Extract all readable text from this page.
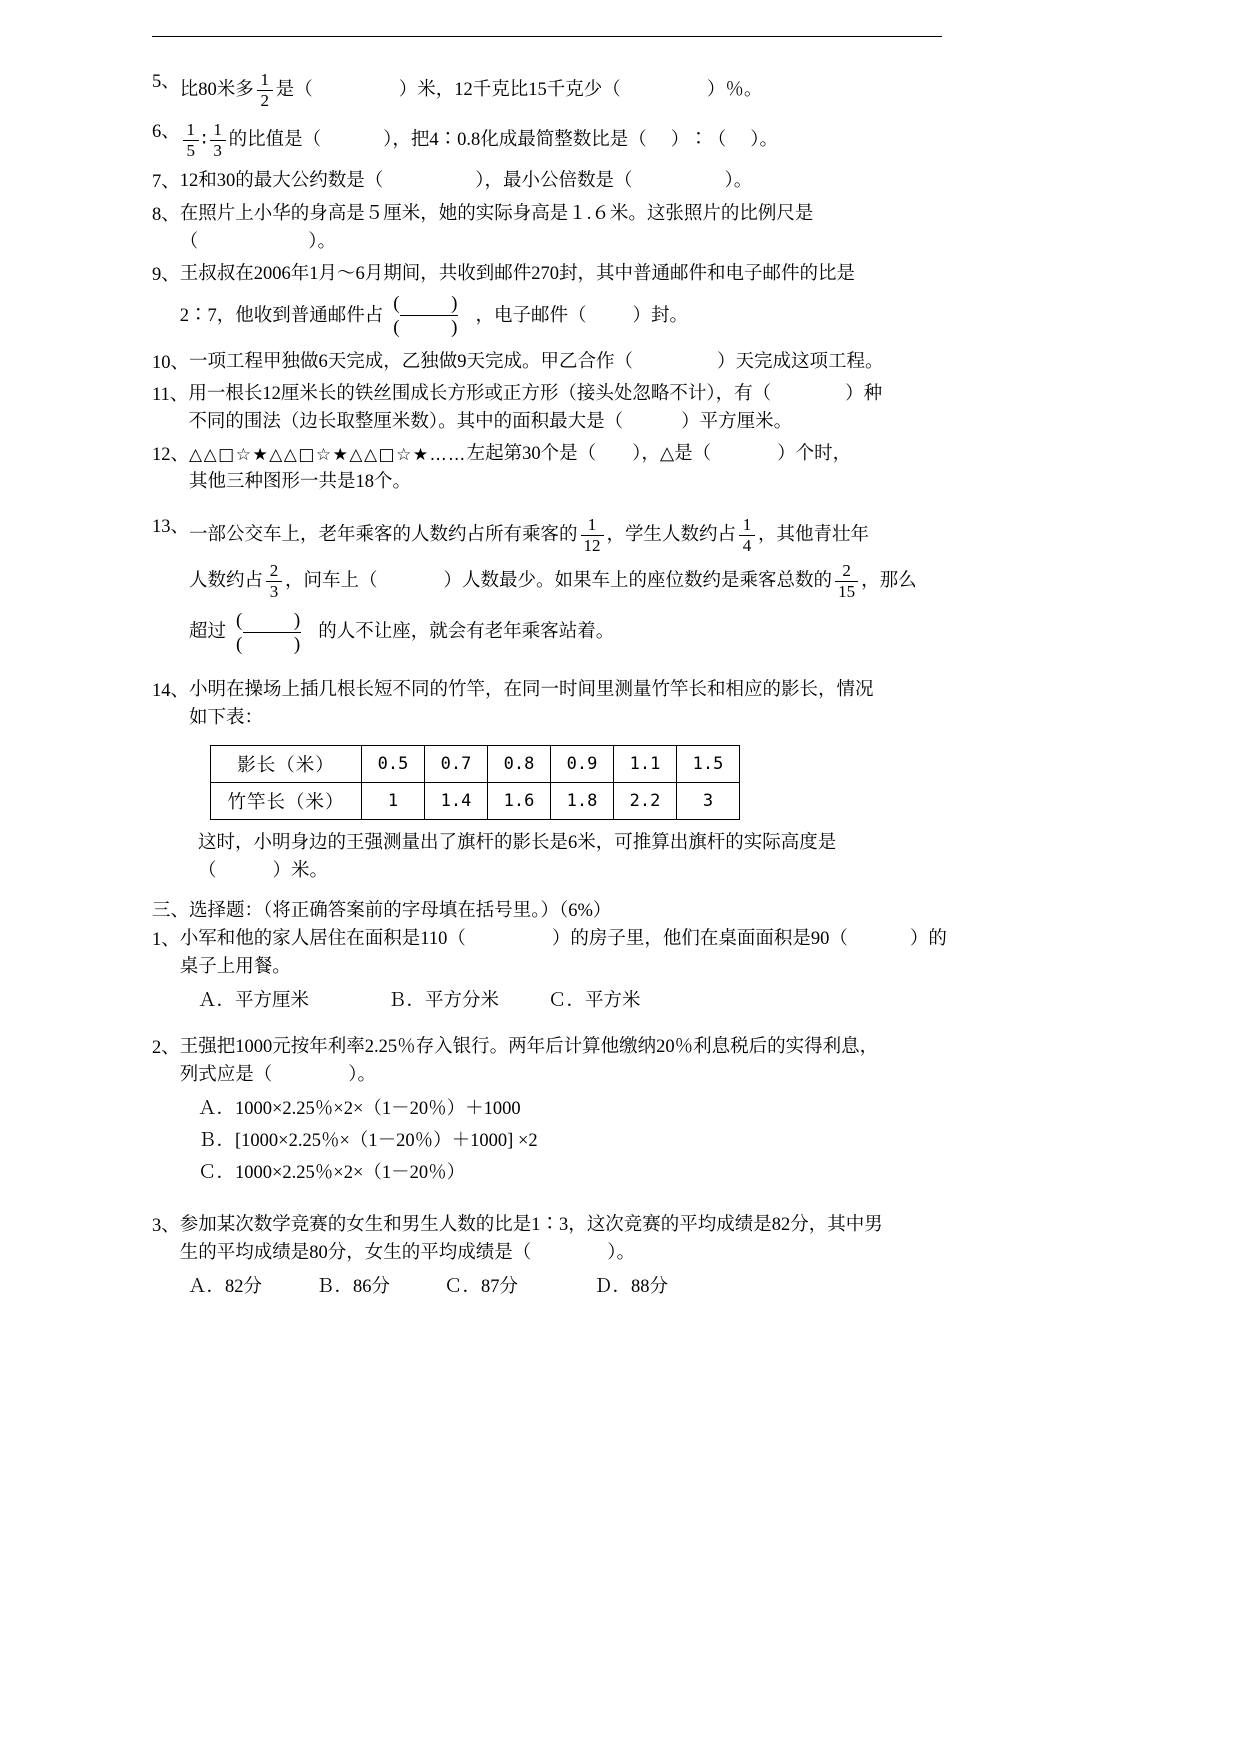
5、 比80米多 $\frac{1}{2}$ 是（	）米，12千克比15千克少（	）％。
6、 $\frac{1}{5}$ ∶ $\frac{1}{3}$ 的比值是（	），把4∶0.8化成最简整数比是（ ）∶（ ）。
7、 12和30的最大公约数是（	），最小公倍数是（	）。
8、 在照片上小华的身高是５厘米，她的实际身高是１.６米。这张照片的比例尺是
（	）。
9、 王叔叔在2006年1月～6月期间，共收到邮件270封，其中普通邮件和电子邮件的比是
2∶7，他收到普通邮件占
(  )
(  )
，电子邮件（ ）封。
10、 一项工程甲独做6天完成，乙独做9天完成。甲乙合作（	）天完成这项工程。
11、 用一根长12厘米长的铁丝围成长方形或正方形（接头处忽略不计），有（	）种
不同的围法（边长取整厘米数）。其中的面积最大是（	）平方厘米。
12、 △△□☆★△△□☆★△△□☆★…… 左起第30个是（ ），△是（	）个时，
其他三种图形一共是18个。
13、 一部公交车上，老年乘客的人数约占所有乘客的 $\frac{1}{12}$ ，学生人数约占 $\frac{1}{4}$ ，其他青壮年
人数约占 $\frac{2}{3}$ ，问车上（	）人数最少。如果车上的座位数约是乘客总数的 $\frac{2}{15}$ ，那么
超过
(  )
(  )
的人不让座，就会有老年乘客站着。
14、 小明在操场上插几根长短不同的竹竿，在同一时间里测量竹竿长和相应的影长，情况
如下表：
影长（米）	0.5	0.7	0.8	0.9	1.1	1.5
竹竿长（米）	1	1.4	1.6	1.8	2.2	3
这时，小明身边的王强测量出了旗杆的影长是6米，可推算出旗杆的实际高度是
（	）米。
三、选择题：（将正确答案前的字母填在括号里。）（6%）
1、 小军和他的家人居住在面积是110（	）的房子里，他们在桌面面积是90（	）的
桌子上用餐。
Ａ．平方厘米	Ｂ．平方分米	Ｃ．平方米
2、 王强把1000元按年利率2.25％存入银行。两年后计算他缴纳20％利息税后的实得利息，
列式应是（	）。
Ａ．1000×2.25％×2×（1－20％）＋1000
Ｂ．[1000×2.25％×（1－20％）＋1000] ×2
Ｃ．1000×2.25％×2×（1－20％）
3、 参加某次数学竞赛的女生和男生人数的比是1∶3，这次竞赛的平均成绩是82分，其中男
生的平均成绩是80分，女生的平均成绩是（	）。
Ａ．82分	Ｂ．86分	Ｃ．87分	Ｄ．88分
